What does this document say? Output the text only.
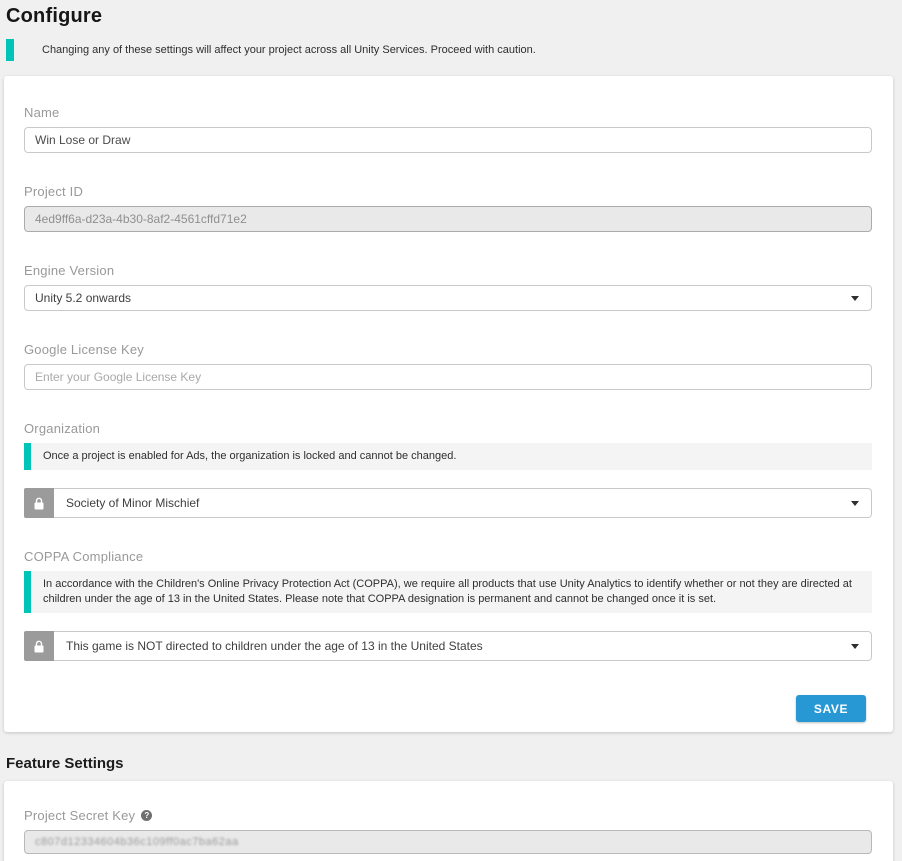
Configure
Changing any of these settings will affect your project across all Unity Services. Proceed with caution.
Name
Win Lose or Draw
Project ID
4ed9ff6a-d23a-4b30-8af2-4561cffd71e2
Engine Version
Unity 5.2 onwards
Google License Key
Enter your Google License Key
Organization
Once a project is enabled for Ads, the organization is locked and cannot be changed.
Society of Minor Mischief
COPPA Compliance
In accordance with the Children's Online Privacy Protection Act (COPPA), we require all products that use Unity Analytics to identify whether or not they are directed at children under the age of 13 in the United States. Please note that COPPA designation is permanent and cannot be changed once it is set.
This game is NOT directed to children under the age of 13 in the United States
SAVE
Feature Settings
Project Secret Key	?
c807d12334604b36c109ff0ac7ba62aa
